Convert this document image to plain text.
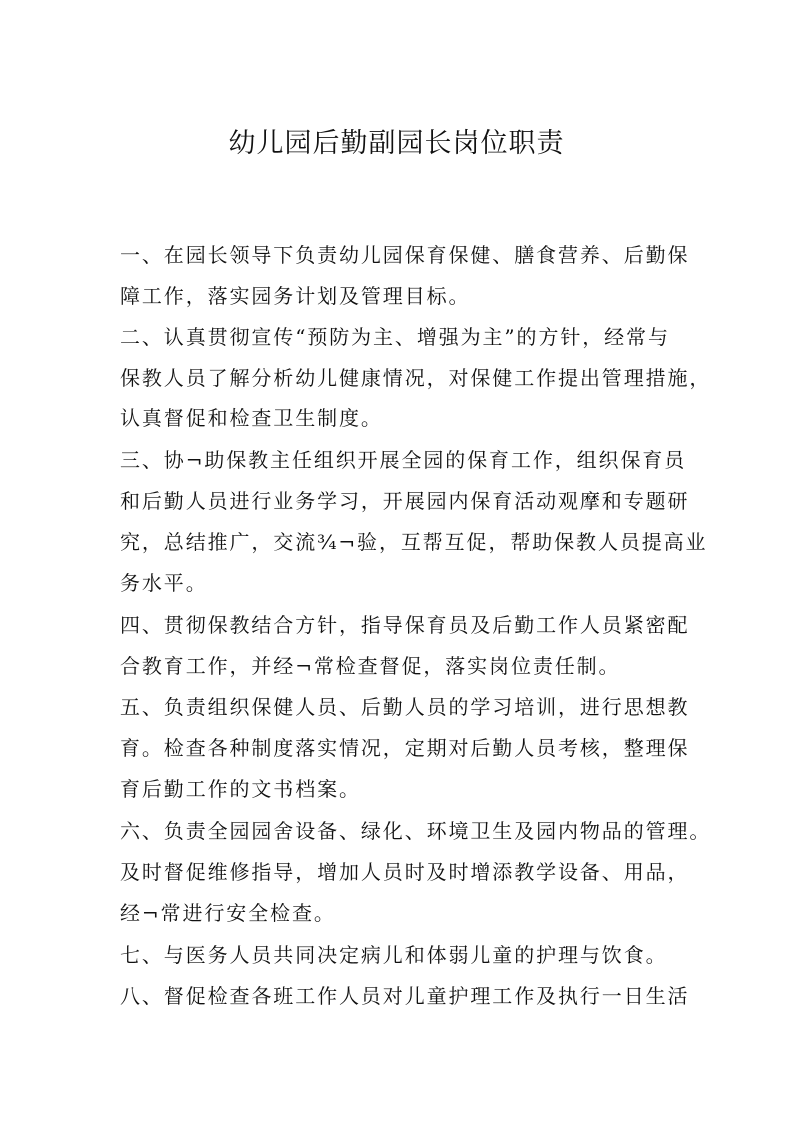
幼儿园后勤副园长岗位职责
一、在园长领导下负责幼儿园保育保健、膳食营养、后勤保
障工作，落实园务计划及管理目标。
二、认真贯彻宣传“预防为主、增强为主”的方针，经常与
保教人员了解分析幼儿健康情况，对保健工作提出管理措施，
认真督促和检查卫生制度。
三、协¬助保教主任组织开展全园的保育工作，组织保育员
和后勤人员进行业务学习，开展园内保育活动观摩和专题研
究，总结推广，交流¾¬验，互帮互促，帮助保教人员提高业
务水平。
四、贯彻保教结合方针，指导保育员及后勤工作人员紧密配
合教育工作，并经¬常检查督促，落实岗位责任制。
五、负责组织保健人员、后勤人员的学习培训，进行思想教
育。检查各种制度落实情况，定期对后勤人员考核，整理保
育后勤工作的文书档案。
六、负责全园园舍设备、绿化、环境卫生及园内物品的管理。
及时督促维修指导，增加人员时及时增添教学设备、用品，
经¬常进行安全检查。
七、与医务人员共同决定病儿和体弱儿童的护理与饮食。
八、督促检查各班工作人员对儿童护理工作及执行一日生活
